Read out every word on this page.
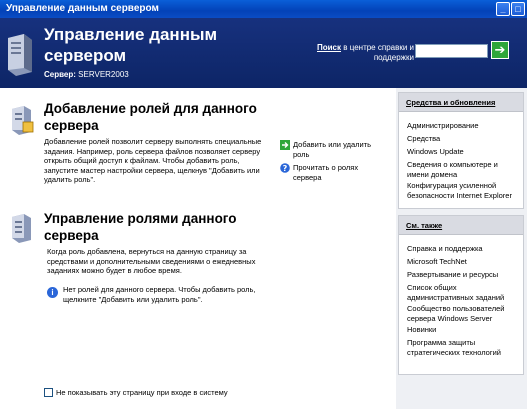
Управление данным сервером	_	□
Управление данным сервером
Сервер: SERVER2003
Поиск в центре справки и поддержки
➔
Добавление ролей для данного сервера
Добавление ролей позволит серверу выполнять специальные задания. Например, роль сервера файлов позволяет серверу открыть общий доступ к файлам. Чтобы добавить роль, запустите мастер настройки сервера, щелкнув "Добавить или удалить роль".
Добавить или удалить роль
? Прочитать о ролях сервера
Управление ролями данного сервера
Когда роль добавлена, вернуться на данную страницу за средствами и дополнительными сведениями о ежедневных заданиях можно будет в любое время.
i	Нет ролей для данного сервера. Чтобы добавить роль, щелкните "Добавить или удалить роль".
Не показывать эту страницу при входе в систему
Средства и обновления
Администрирование
Средства
Windows Update
Сведения о компьютере и имени домена
Конфигурация усиленной безопасности Internet Explorer
См. также
Справка и поддержка
Microsoft TechNet
Развертывание и ресурсы
Список общих административных заданий
Сообщество пользователей сервера Windows Server
Новинки
Программа защиты стратегических технологий
